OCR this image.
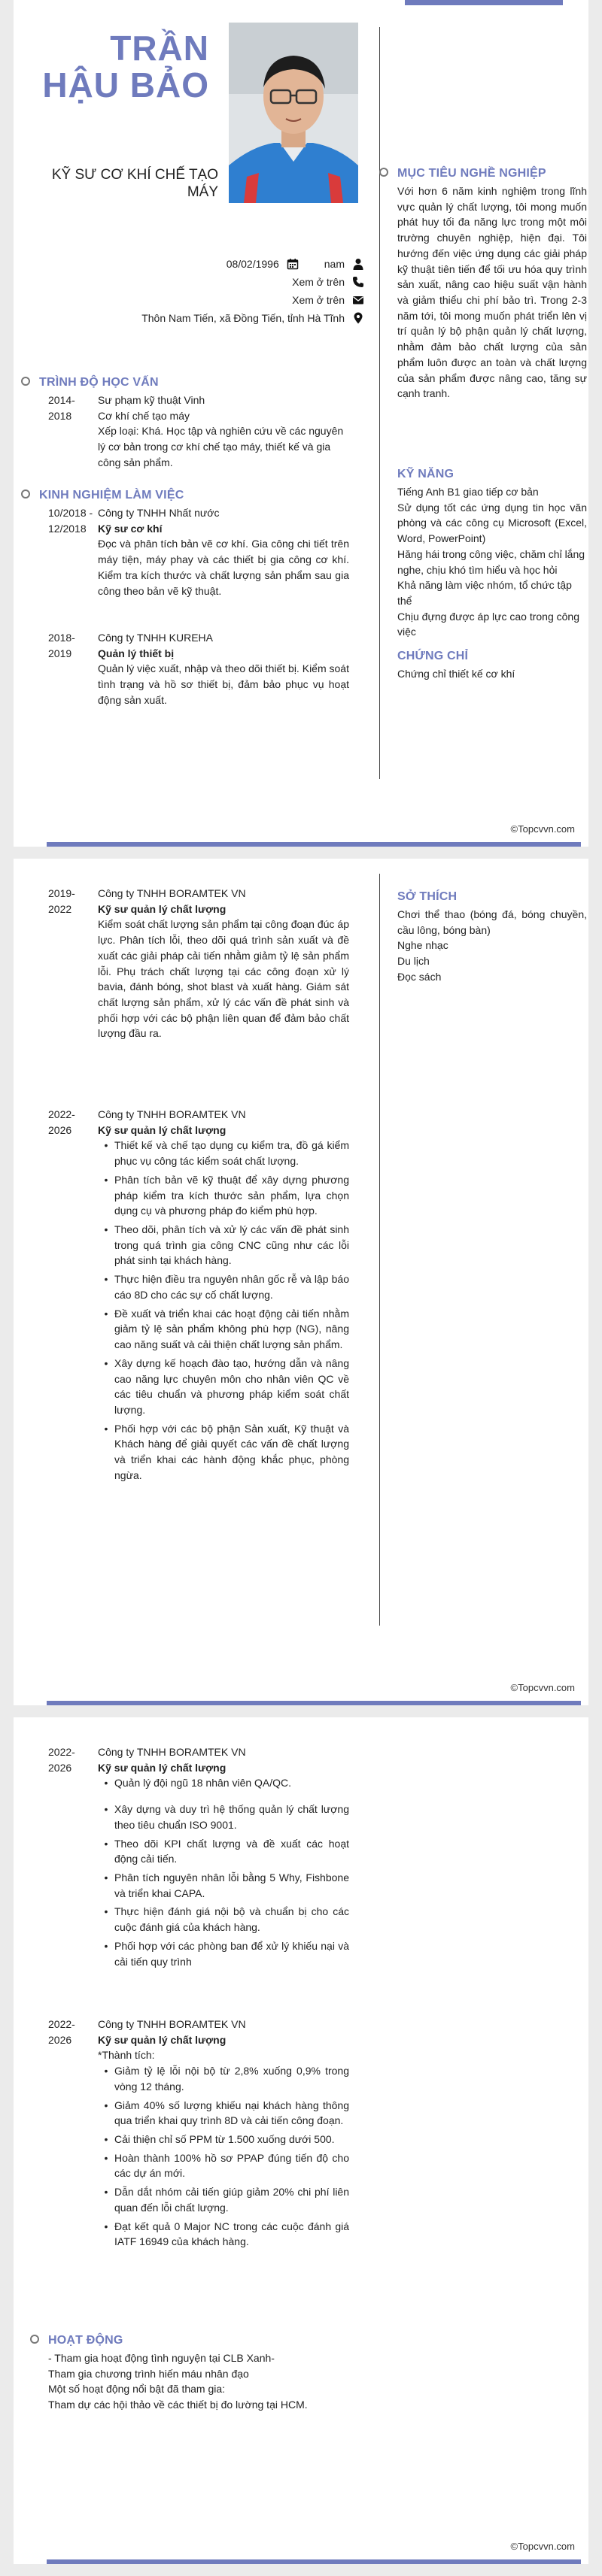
TRẦN HẬU BẢO
KỸ SƯ CƠ KHÍ CHẾ TẠO MÁY
08/02/1996	nam
Xem ở trên
Xem ở trên
Thôn Nam Tiến, xã Đồng Tiến, tỉnh Hà Tĩnh
TRÌNH ĐỘ HỌC VẤN
2014-2018
Sư phạm kỹ thuật Vinh
Cơ khí chế tạo máy
Xếp loại: Khá. Học tập và nghiên cứu về các nguyên lý cơ bản trong cơ khí chế tạo máy, thiết kế và gia công sản phẩm.
KINH NGHIỆM LÀM VIỆC
10/2018 - 12/2018
Công ty TNHH Nhất nước
Kỹ sư cơ khí
Đọc và phân tích bản vẽ cơ khí. Gia công chi tiết trên máy tiện, máy phay và các thiết bị gia công cơ khí. Kiểm tra kích thước và chất lượng sản phẩm sau gia công theo bản vẽ kỹ thuật.
2018-2019
Công ty TNHH KUREHA
Quản lý thiết bị
Quản lý việc xuất, nhập và theo dõi thiết bị. Kiểm soát tình trạng và hồ sơ thiết bị, đảm bảo phục vụ hoạt động sản xuất.
MỤC TIÊU NGHỀ NGHIỆP
Với hơn 6 năm kinh nghiệm trong lĩnh vực quản lý chất lượng, tôi mong muốn phát huy tối đa năng lực trong một môi trường chuyên nghiệp, hiện đại. Tôi hướng đến việc ứng dụng các giải pháp kỹ thuật tiên tiến để tối ưu hóa quy trình sản xuất, nâng cao hiệu suất vận hành và giảm thiểu chi phí bảo trì. Trong 2-3 năm tới, tôi mong muốn phát triển lên vị trí quản lý bộ phận quản lý chất lượng, nhằm đảm bảo chất lượng của sản phẩm luôn được an toàn và chất lượng của sản phẩm được nâng cao, tăng sự cạnh tranh.
KỸ NĂNG
Tiếng Anh B1 giao tiếp cơ bản
Sử dụng tốt các ứng dụng tin học văn phòng và các công cụ Microsoft (Excel, Word, PowerPoint)
Hăng hái trong công việc, chăm chỉ lắng nghe, chịu khó tìm hiểu và học hỏi
Khả năng làm việc nhóm, tổ chức tập thể
Chịu đựng được áp lực cao trong công việc
CHỨNG CHỈ
Chứng chỉ thiết kế cơ khí
©Topcvvn.com
2019-2022
Công ty TNHH BORAMTEK VN
Kỹ sư quản lý chất lượng
Kiểm soát chất lượng sản phẩm tại công đoạn đúc áp lực. Phân tích lỗi, theo dõi quá trình sản xuất và đề xuất các giải pháp cải tiến nhằm giảm tỷ lệ sản phẩm lỗi. Phụ trách chất lượng tại các công đoạn xử lý bavia, đánh bóng, shot blast và xuất hàng. Giám sát chất lượng sản phẩm, xử lý các vấn đề phát sinh và phối hợp với các bộ phận liên quan để đảm bảo chất lượng đầu ra.
2022-2026
Công ty TNHH BORAMTEK VN
Kỹ sư quản lý chất lượng
• Thiết kế và chế tạo dụng cụ kiểm tra, đồ gá kiểm phục vụ công tác kiểm soát chất lượng.
• Phân tích bản vẽ kỹ thuật để xây dựng phương pháp kiểm tra kích thước sản phẩm, lựa chọn dụng cụ và phương pháp đo kiểm phù hợp.
• Theo dõi, phân tích và xử lý các vấn đề phát sinh trong quá trình gia công CNC cũng như các lỗi phát sinh tại khách hàng.
• Thực hiện điều tra nguyên nhân gốc rễ và lập báo cáo 8D cho các sự cố chất lượng.
• Đề xuất và triển khai các hoạt động cải tiến nhằm giảm tỷ lệ sản phẩm không phù hợp (NG), nâng cao năng suất và cải thiện chất lượng sản phẩm.
• Xây dựng kế hoạch đào tạo, hướng dẫn và nâng cao năng lực chuyên môn cho nhân viên QC về các tiêu chuẩn và phương pháp kiểm soát chất lượng.
• Phối hợp với các bộ phận Sản xuất, Kỹ thuật và Khách hàng để giải quyết các vấn đề chất lượng và triển khai các hành động khắc phục, phòng ngừa.
SỞ THÍCH
Chơi thể thao (bóng đá, bóng chuyền, cầu lông, bóng bàn)
Nghe nhạc
Du lịch
Đọc sách
©Topcvvn.com
2022-2026
Công ty TNHH BORAMTEK VN
Kỹ sư quản lý chất lượng
• Quản lý đội ngũ 18 nhân viên QA/QC.
• Xây dựng và duy trì hệ thống quản lý chất lượng theo tiêu chuẩn ISO 9001.
• Theo dõi KPI chất lượng và đề xuất các hoạt động cải tiến.
• Phân tích nguyên nhân lỗi bằng 5 Why, Fishbone và triển khai CAPA.
• Thực hiện đánh giá nội bộ và chuẩn bị cho các cuộc đánh giá của khách hàng.
• Phối hợp với các phòng ban để xử lý khiếu nại và cải tiến quy trình
2022-2026
Công ty TNHH BORAMTEK VN
Kỹ sư quản lý chất lượng
*Thành tích:
• Giảm tỷ lệ lỗi nội bộ từ 2,8% xuống 0,9% trong vòng 12 tháng.
• Giảm 40% số lượng khiếu nại khách hàng thông qua triển khai quy trình 8D và cải tiến công đoạn.
• Cải thiện chỉ số PPM từ 1.500 xuống dưới 500.
• Hoàn thành 100% hồ sơ PPAP đúng tiến độ cho các dự án mới.
• Dẫn dắt nhóm cải tiến giúp giảm 20% chi phí liên quan đến lỗi chất lượng.
• Đạt kết quả 0 Major NC trong các cuộc đánh giá IATF 16949 của khách hàng.
HOẠT ĐỘNG
- Tham gia hoạt động tình nguyện tại CLB Xanh-
Tham gia chương trình hiến máu nhân đạo
Một số hoạt động nổi bật đã tham gia:
Tham dự các hội thảo về các thiết bị đo lường tại HCM.
©Topcvvn.com
